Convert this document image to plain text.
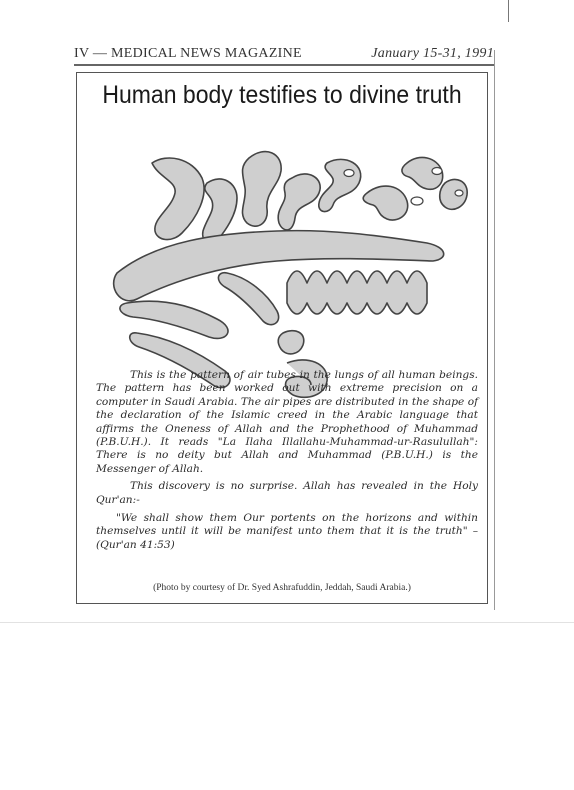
IV — MEDICAL NEWS MAGAZINE	January 15-31, 1991
Human body testifies to divine truth

This is the pattern of air tubes in the lungs of all human beings. The pattern has been worked out with extreme precision on a computer in Saudi Arabia. The air pipes are distributed in the shape of the declaration of the Islamic creed in the Arabic language that affirms the Oneness of Allah and the Prophethood of Muhammad (P.B.U.H.). It reads "La Ilaha Illallahu-Muhammad-ur-Rasulullah": There is no deity but Allah and Muhammad (P.B.U.H.) is the Messenger of Allah.

This discovery is no surprise. Allah has revealed in the Holy Qur'an:-

"We shall show them Our portents on the horizons and within themselves until it will be manifest unto them that it is the truth" – (Qur'an 41:53)

(Photo by courtesy of Dr. Syed Ashrafuddin, Jeddah, Saudi Arabia.)
